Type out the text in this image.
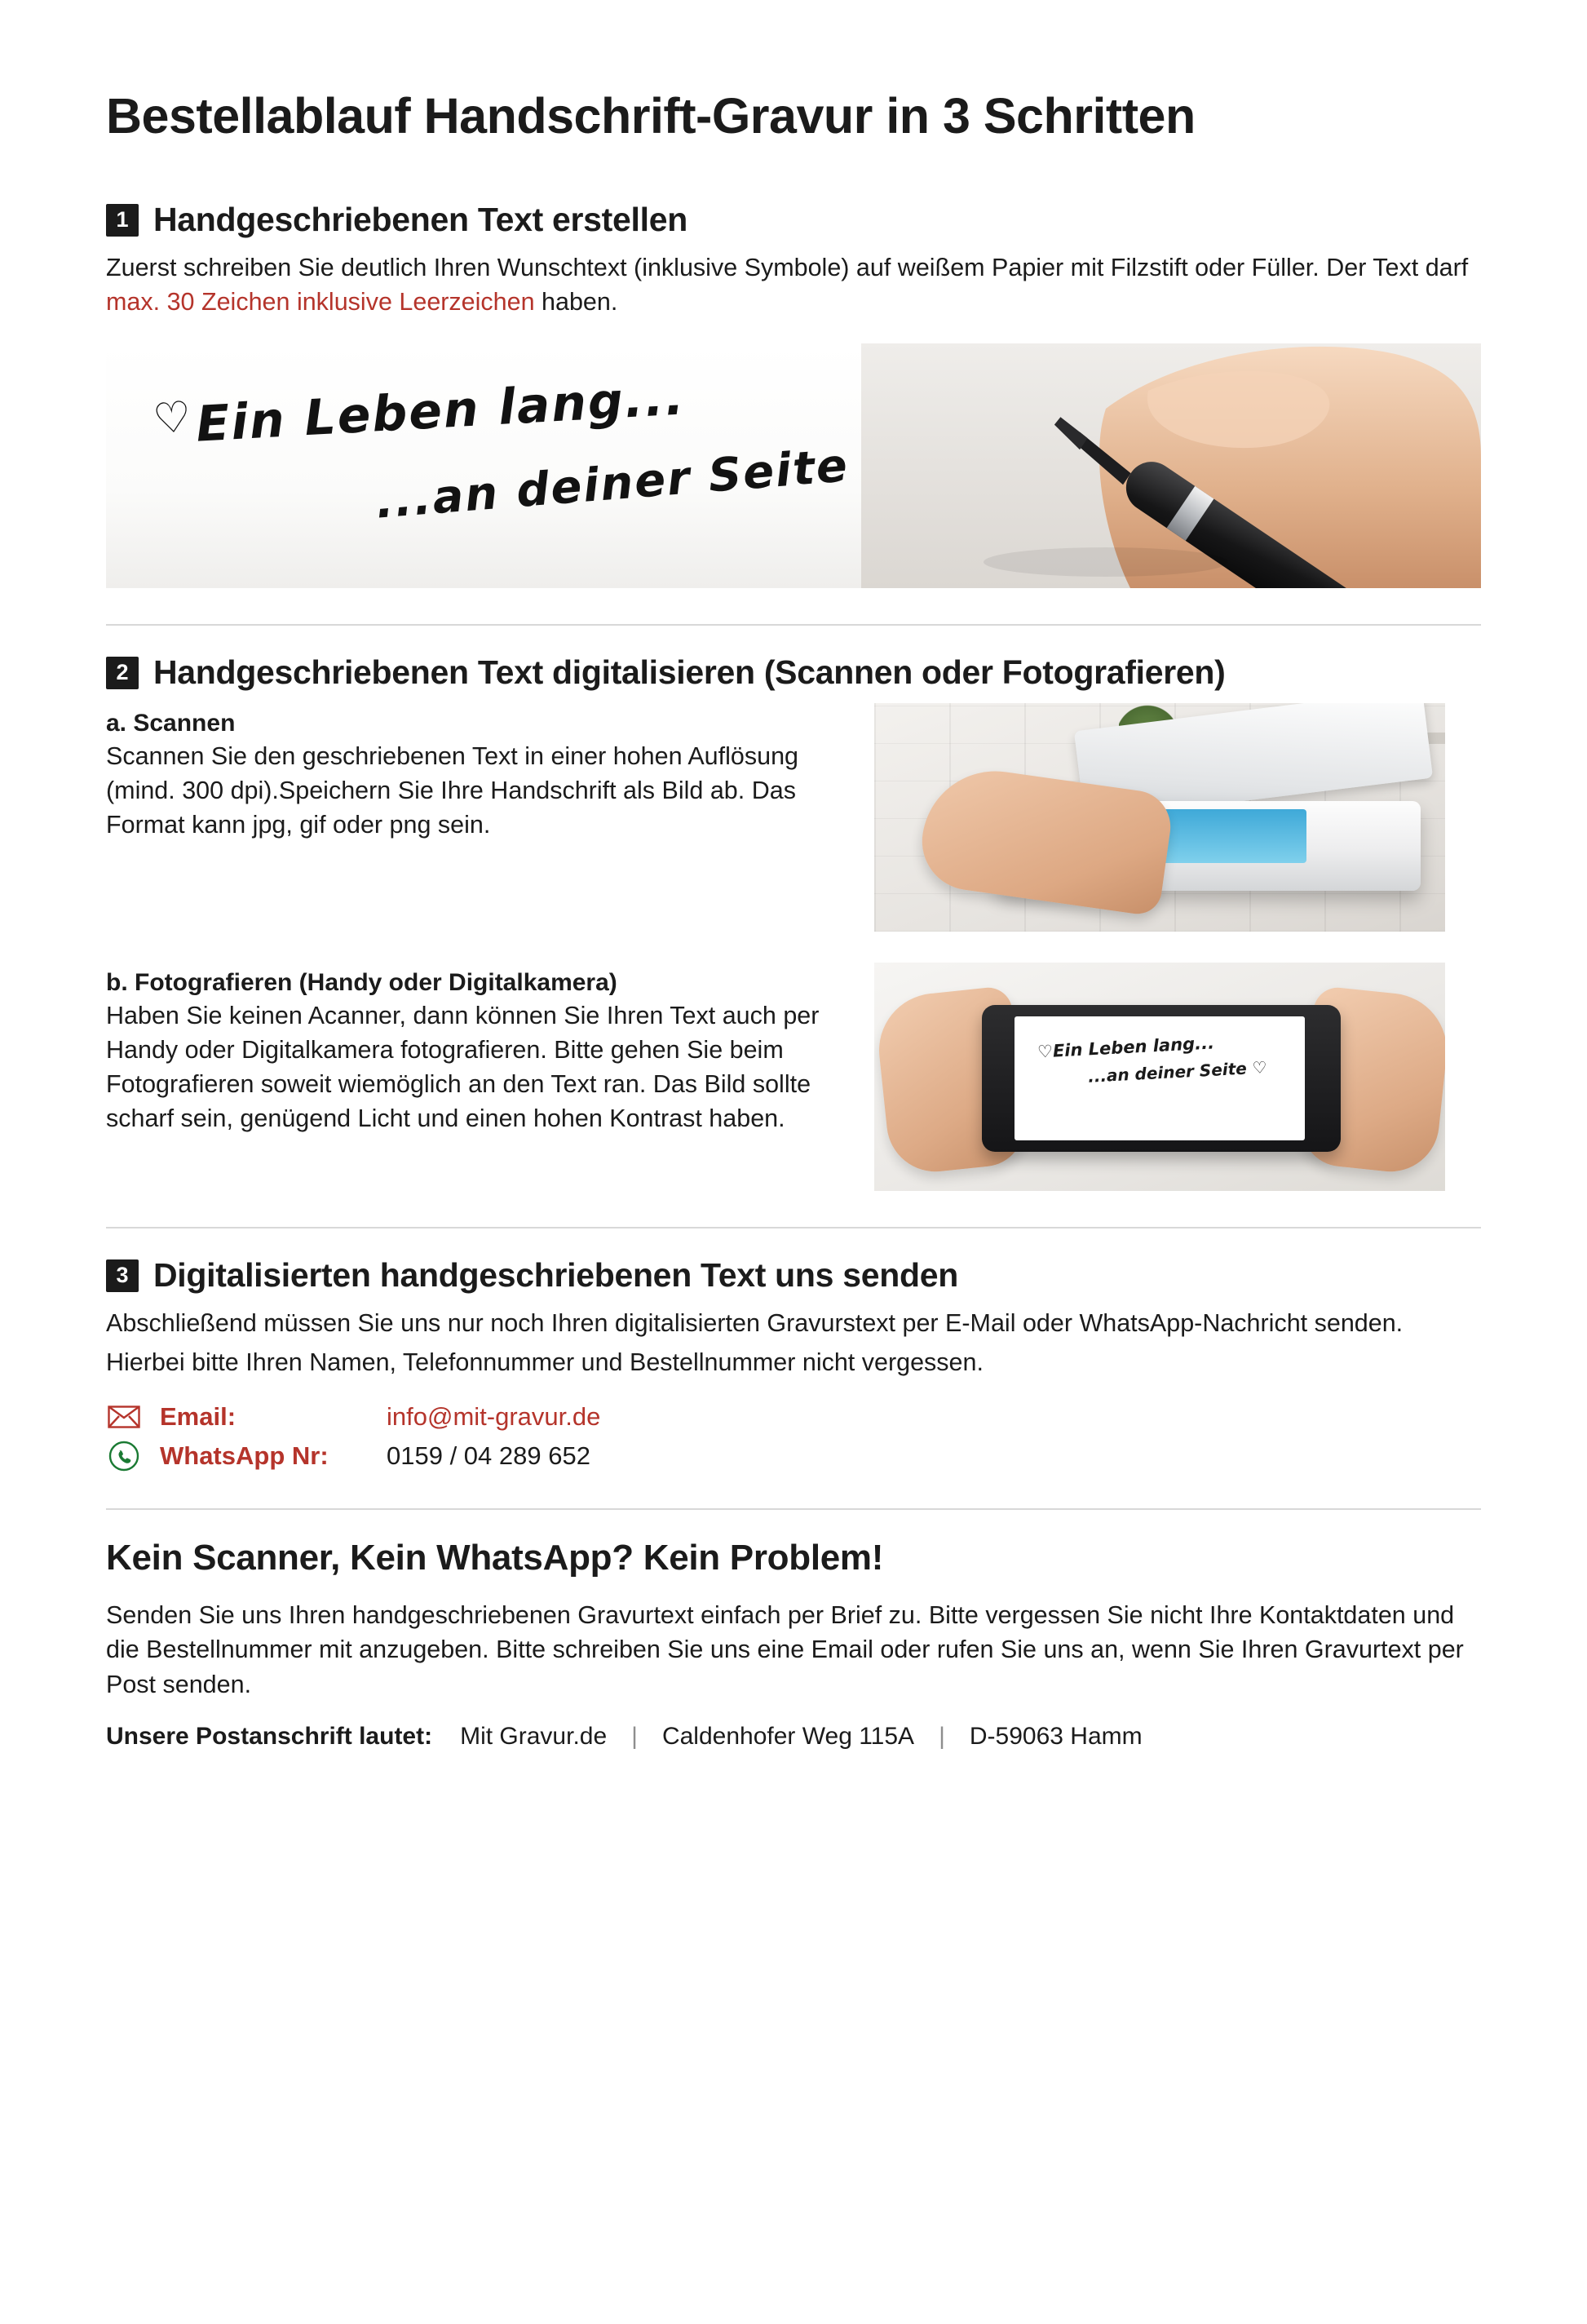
Bestellablauf Handschrift-Gravur in 3 Schritten
1 Handgeschriebenen Text erstellen

Zuerst schreiben Sie deutlich Ihren Wunschtext (inklusive Symbole) auf weißem Papier mit Filzstift oder Füller. Der Text darf max. 30 Zeichen inklusive Leerzeichen haben.

♡ Ein Leben lang...
...an deiner Seite
2 Handgeschriebenen Text digitalisieren (Scannen oder Fotografieren)
a. Scannen

Scannen Sie den geschriebenen Text in einer hohen Auflösung (mind. 300 dpi).Speichern Sie Ihre Handschrift als Bild ab. Das Format kann jpg, gif oder png sein.

b. Fotografieren (Handy oder Digitalkamera)

Haben Sie keinen Acanner, dann können Sie Ihren Text auch per Handy oder Digitalkamera fotografieren. Bitte gehen Sie beim Fotografieren soweit wiemöglich an den Text ran. Das Bild sollte scharf sein, genügend Licht und einen hohen Kontrast haben.

♡Ein Leben lang...
...an deiner Seite ♡
3 Digitalisierten handgeschriebenen Text uns senden

Abschließend müssen Sie uns nur noch Ihren digitalisierten Gravurstext per E-Mail oder WhatsApp-Nachricht senden.

Hierbei bitte Ihren Namen, Telefonnummer und Bestellnummer nicht vergessen.

Email:	info@mit-gravur.de
WhatsApp Nr:	0159 / 04 289 652
Kein Scanner, Kein WhatsApp? Kein Problem!

Senden Sie uns Ihren handgeschriebenen Gravurtext einfach per Brief zu. Bitte vergessen Sie nicht Ihre Kontaktdaten und die Bestellnummer mit anzugeben. Bitte schreiben Sie uns eine Email oder rufen Sie uns an, wenn Sie Ihren Gravurtext per Post senden.

Unsere Postanschrift lautet: Mit Gravur.de | Caldenhofer Weg 115A | D-59063 Hamm
